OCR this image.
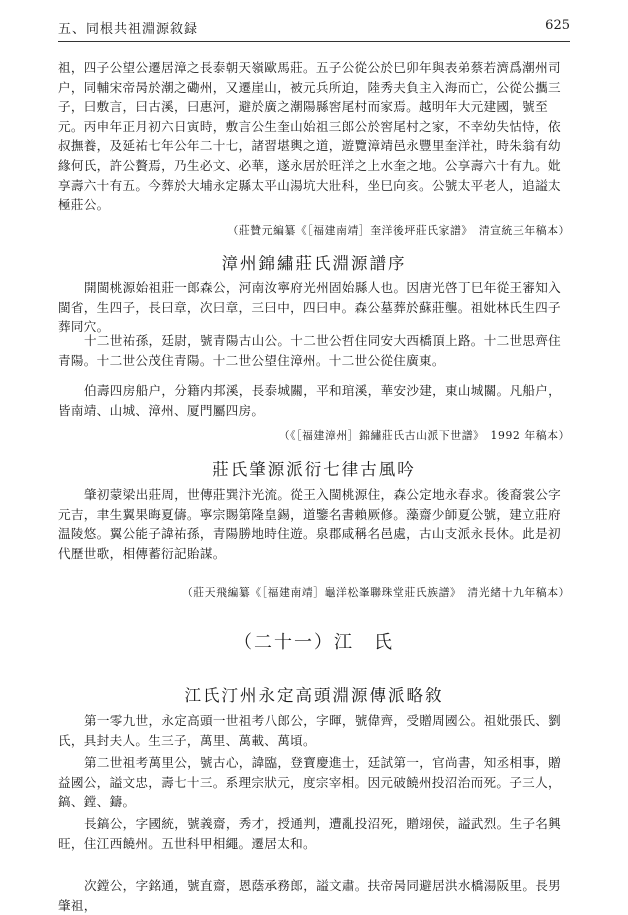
五、同根共祖淵源敘録	625

祖，四子公望公遷居漳之長泰朝天嶺歐馬莊。五子公從公於巳卯年與表弟蔡若濟爲潮州司户，同輔宋帝昺於潮之磡州，又遷崖山，被元兵所迫，陸秀夫負主入海而亡，公從公攜三子，曰敷言，曰古溪，曰惠河，避於廣之潮陽縣窖尾村而家焉。越明年大元建國，號至元。丙申年正月初六日寅時，敷言公生奎山始祖三郎公於窖尾村之家，不幸幼失怙恃，依叔撫養，及延祐七年公年二十七，諸習堪輿之道，遊覽漳靖邑永豐里奎洋社，時朱翁有幼緣何氏，許公贅焉，乃生必文、必華，遂永居於旺洋之上水奎之地。公享壽六十有九。妣享壽六十有五。今葬於大埔永定縣太平山湯坑大壯科，坐巳向亥。公號太平老人，追謚太極莊公。

（莊贊元編纂《［福建南靖］奎洋後坪莊氏家譜》　清宣統三年稿本）

漳州錦繡莊氏淵源譜序

開閩桃源始祖莊一郎森公，河南汝寧府光州固始縣人也。因唐光啓丁巳年從王審知入閩省，生四子，長曰章，次曰章，三曰中，四曰申。森公墓葬於蘇莊壟。祖妣林氏生四子葬同穴。

十二世祐孫，廷尉，號青陽古山公。十二世公哲住同安大西橋頂上路。十二世思齊住青陽。十二世公茂住青陽。十二世公望住漳州。十二世公從住廣東。

伯壽四房船户，分籍内邦溪，長泰城關，平和琯溪，華安沙建，東山城關。凡船户，皆南靖、山城、漳州、厦門屬四房。

（《［福建漳州］錦繡莊氏古山派下世譜》　1992 年稿本）

莊氏肇源派衍七律古風吟

肇初蒙梁出莊周，世傳莊巽汴光流。從王入閩桃源住，森公定地永春求。後裔裳公字元吉，聿生翼果晦夏儔。寧宗賜第隆皇錫，道鑒名書賴厥修。藻齋少師夏公號，建立莊府温陵悠。翼公能子諱祐孫，青陽勝地時住遊。泉郡咸稱名邑處，古山支派永長休。此是初代歷世歌，相傳蓄衍記貽謀。

（莊天飛編纂《［福建南靖］龜洋松峯聯珠堂莊氏族譜》　清光緒十九年稿本）

（二十一）江　氏

江氏汀州永定高頭淵源傳派略敘

第一零九世，永定高頭一世祖考八郎公，字暉，號偉齊，受贈周國公。祖妣張氏、劉氏，具封夫人。生三子，萬里、萬載、萬頃。

第二世祖考萬里公，號古心，諱臨，登寶慶進士，廷試第一，官尚書，知丞相事，贈益國公，謚文忠，壽七十三。系理宗狀元，度宗宰相。因元破饒州投沼治而死。子三人，鎬、鏜、鑄。

長鎬公，字國統，號義齋，秀才，授通判，遭亂投沼死，贈翊侯，謚武烈。生子名興旺，住江西饒州。五世科甲相繩。遷居太和。

次鏜公，字銘通，號直齋，恩蔭承務郎，謚文肅。扶帝昺同避居洪水橋湯阪里。長男肇祖，
